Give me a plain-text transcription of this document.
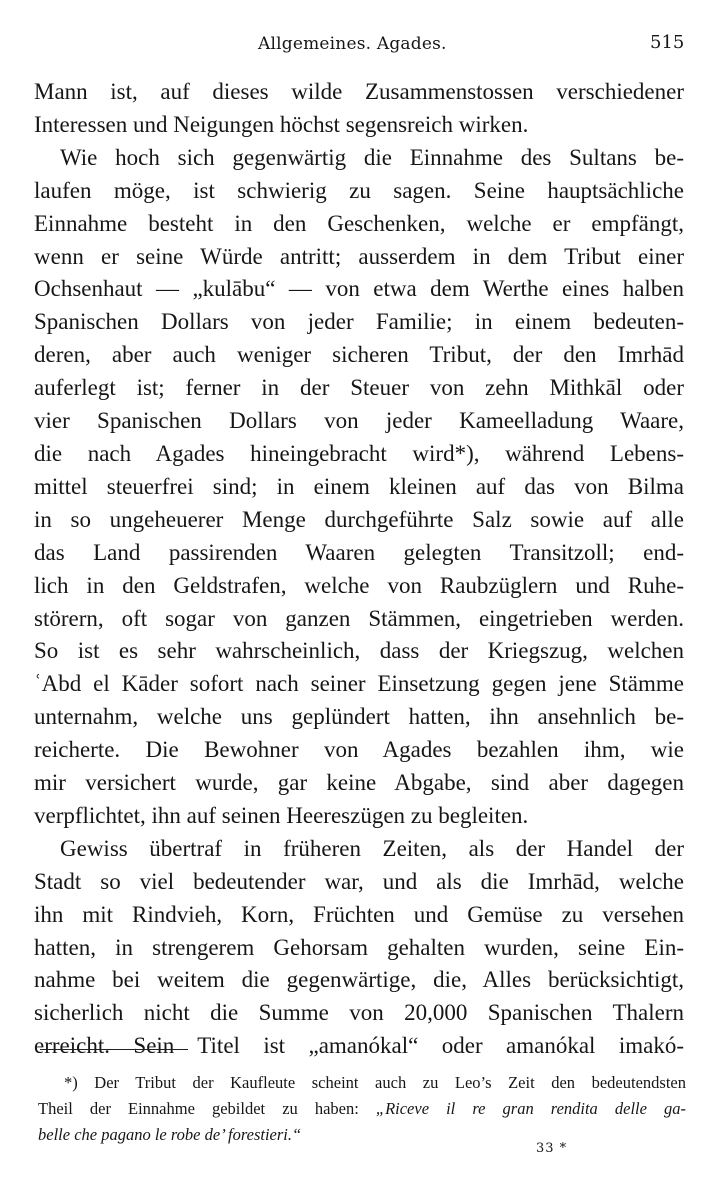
Allgemeines. Agades.	515
Mann ist, auf dieses wilde Zusammenstossen verschiedener
Interessen und Neigungen höchst segensreich wirken.
Wie hoch sich gegenwärtig die Einnahme des Sultans be-
laufen möge, ist schwierig zu sagen. Seine hauptsächliche
Einnahme besteht in den Geschenken, welche er empfängt,
wenn er seine Würde antritt; ausserdem in dem Tribut einer
Ochsenhaut — „kulābu“ — von etwa dem Werthe eines halben
Spanischen Dollars von jeder Familie; in einem bedeuten-
deren, aber auch weniger sicheren Tribut, der den Imrhād
auferlegt ist; ferner in der Steuer von zehn Mithkāl oder
vier Spanischen Dollars von jeder Kameelladung Waare,
die nach Agades hineingebracht wird*), während Lebens-
mittel steuerfrei sind; in einem kleinen auf das von Bilma
in so ungeheuerer Menge durchgeführte Salz sowie auf alle
das Land passirenden Waaren gelegten Transitzoll; end-
lich in den Geldstrafen, welche von Raubzüglern und Ruhe-
störern, oft sogar von ganzen Stämmen, eingetrieben werden.
So ist es sehr wahrscheinlich, dass der Kriegszug, welchen
ʿAbd el Kāder sofort nach seiner Einsetzung gegen jene Stämme
unternahm, welche uns geplündert hatten, ihn ansehnlich be-
reicherte. Die Bewohner von Agades bezahlen ihm, wie
mir versichert wurde, gar keine Abgabe, sind aber dagegen
verpflichtet, ihn auf seinen Heereszügen zu begleiten.
Gewiss übertraf in früheren Zeiten, als der Handel der
Stadt so viel bedeutender war, und als die Imrhād, welche
ihn mit Rindvieh, Korn, Früchten und Gemüse zu versehen
hatten, in strengerem Gehorsam gehalten wurden, seine Ein-
nahme bei weitem die gegenwärtige, die, Alles berücksichtigt,
sicherlich nicht die Summe von 20,000 Spanischen Thalern
erreicht. Sein Titel ist „amanókal“ oder amanókal imakó-
*) Der Tribut der Kaufleute scheint auch zu Leo’s Zeit den bedeutendsten
Theil der Einnahme gebildet zu haben: „Riceve il re gran rendita delle ga-
belle che pagano le robe de’ forestieri.“
33 *
